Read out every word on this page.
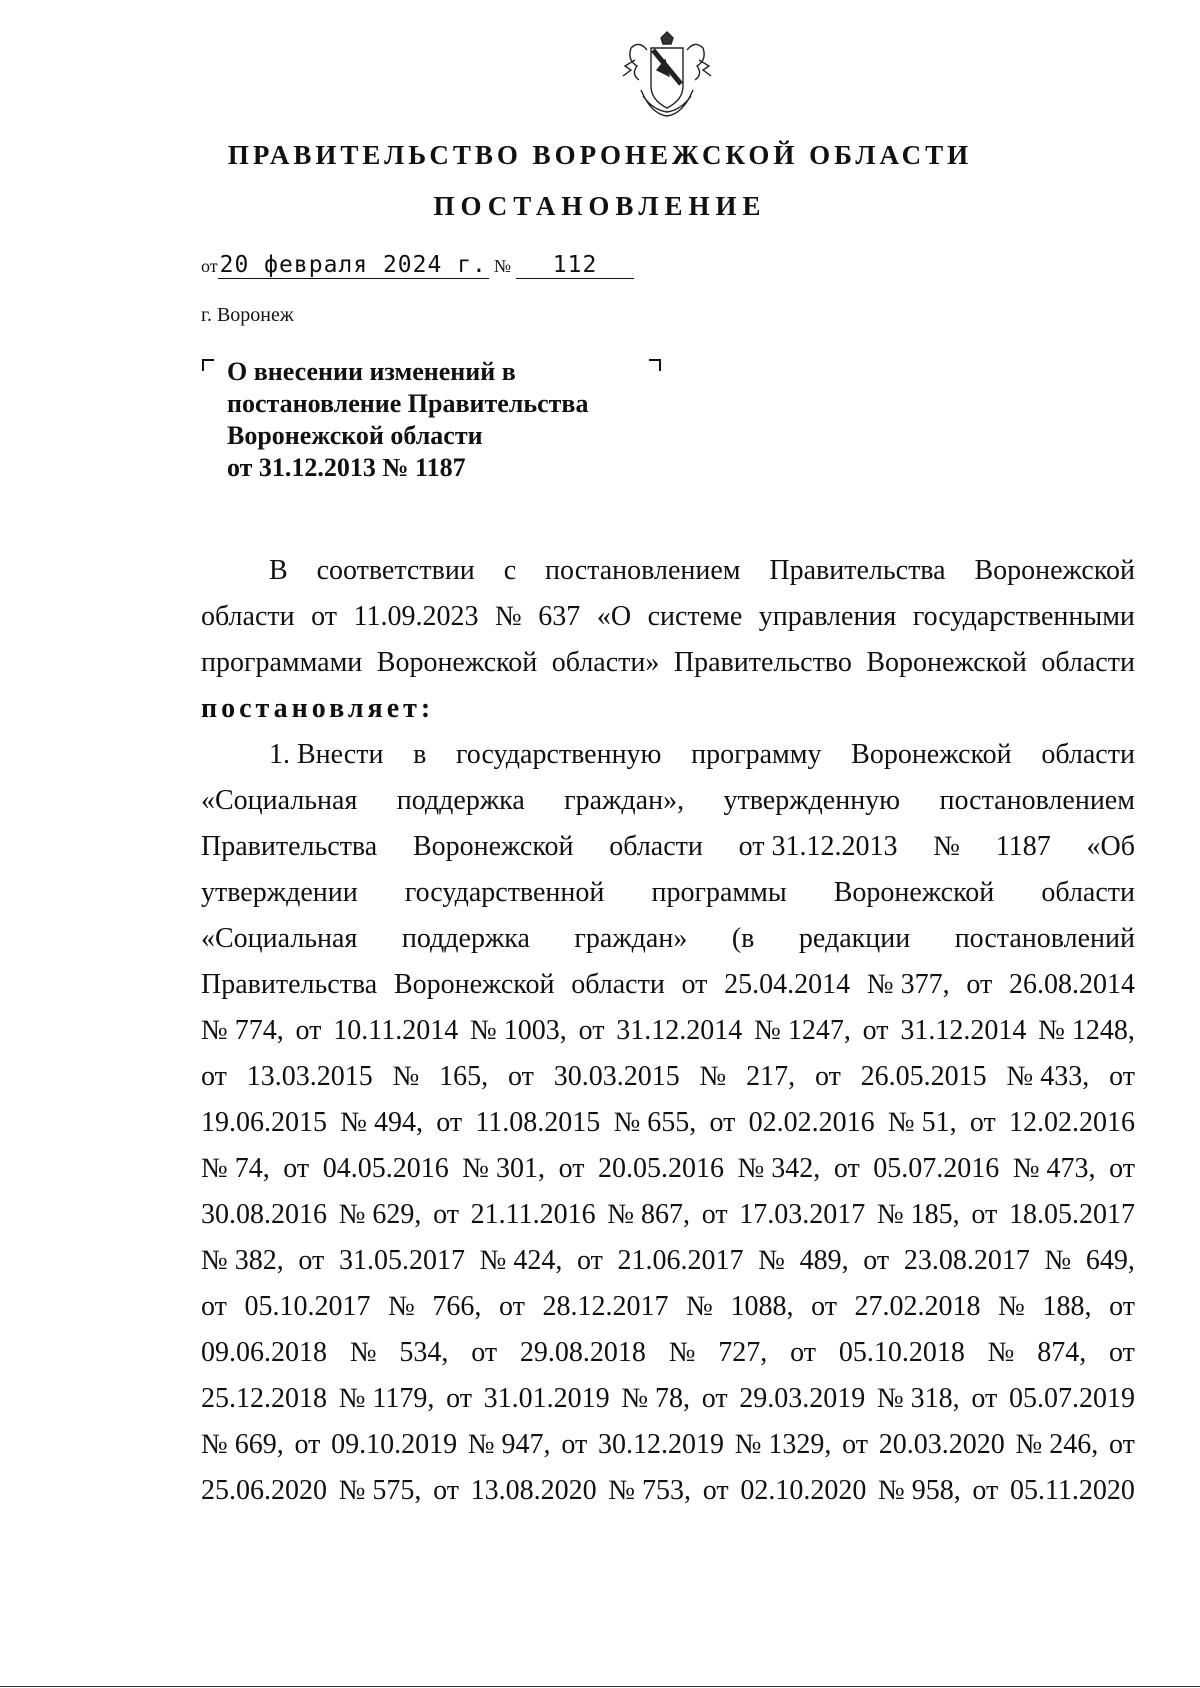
ПРАВИТЕЛЬСТВО ВОРОНЕЖСКОЙ ОБЛАСТИ
ПОСТАНОВЛЕНИЕ
от20 февраля 2024 г. № 112
г. Воронеж
О внесении изменений в
постановление Правительства
Воронежской области
от 31.12.2013 № 1187
В соответствии с постановлением Правительства Воронежской
области от 11.09.2023 № 637 «О системе управления государственными
программами Воронежской области» Правительство Воронежской области
постановляет:
1. Внести в государственную программу Воронежской области
«Социальная поддержка граждан», утвержденную постановлением
Правительства Воронежской области от 31.12.2013 № 1187 «Об
утверждении государственной программы Воронежской области
«Социальная поддержка граждан» (в редакции постановлений
Правительства Воронежской области от 25.04.2014 № 377, от 26.08.2014
№ 774, от 10.11.2014 № 1003, от 31.12.2014 № 1247, от 31.12.2014 № 1248,
от 13.03.2015 № 165, от 30.03.2015 № 217, от 26.05.2015 № 433, от
19.06.2015 № 494, от 11.08.2015 № 655, от 02.02.2016 № 51, от 12.02.2016
№ 74, от 04.05.2016 № 301, от 20.05.2016 № 342, от 05.07.2016 № 473, от
30.08.2016 № 629, от 21.11.2016 № 867, от 17.03.2017 № 185, от 18.05.2017
№ 382, от 31.05.2017 № 424, от 21.06.2017 № 489, от 23.08.2017 № 649,
от 05.10.2017 № 766, от 28.12.2017 № 1088, от 27.02.2018 № 188, от
09.06.2018 № 534, от 29.08.2018 № 727, от 05.10.2018 № 874, от
25.12.2018 № 1179, от 31.01.2019 № 78, от 29.03.2019 № 318, от 05.07.2019
№ 669, от 09.10.2019 № 947, от 30.12.2019 № 1329, от 20.03.2020 № 246, от
25.06.2020 № 575, от 13.08.2020 № 753, от 02.10.2020 № 958, от 05.11.2020
